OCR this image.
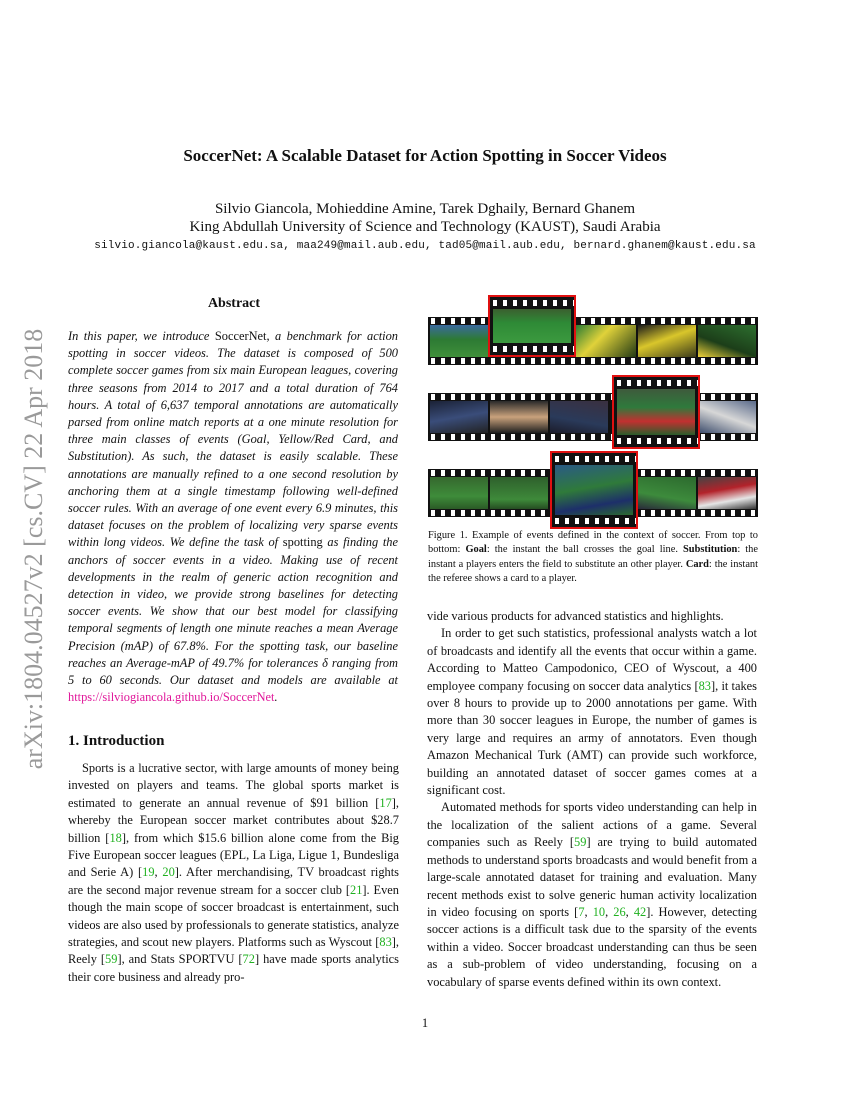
SoccerNet: A Scalable Dataset for Action Spotting in Soccer Videos
Silvio Giancola, Mohieddine Amine, Tarek Dghaily, Bernard Ghanem
King Abdullah University of Science and Technology (KAUST), Saudi Arabia
silvio.giancola@kaust.edu.sa, maa249@mail.aub.edu, tad05@mail.aub.edu, bernard.ghanem@kaust.edu.sa
arXiv:1804.04527v2 [cs.CV] 22 Apr 2018
Abstract
In this paper, we introduce SoccerNet, a benchmark for action spotting in soccer videos. The dataset is composed of 500 complete soccer games from six main European leagues, covering three seasons from 2014 to 2017 and a total duration of 764 hours. A total of 6,637 temporal annotations are automatically parsed from online match reports at a one minute resolution for three main classes of events (Goal, Yellow/Red Card, and Substitution). As such, the dataset is easily scalable. These annotations are manually refined to a one second resolution by anchoring them at a single timestamp following well-defined soccer rules. With an average of one event every 6.9 minutes, this dataset focuses on the problem of localizing very sparse events within long videos. We define the task of spotting as finding the anchors of soccer events in a video. Making use of recent developments in the realm of generic action recognition and detection in video, we provide strong baselines for detecting soccer events. We show that our best model for classifying temporal segments of length one minute reaches a mean Average Precision (mAP) of 67.8%. For the spotting task, our baseline reaches an Average-mAP of 49.7% for tolerances δ ranging from 5 to 60 seconds. Our dataset and models are available at https://silviogiancola.github.io/SoccerNet.
1. Introduction

Sports is a lucrative sector, with large amounts of money being invested on players and teams. The global sports market is estimated to generate an annual revenue of $91 billion [17], whereby the European soccer market contributes about $28.7 billion [18], from which $15.6 billion alone come from the Big Five European soccer leagues (EPL, La Liga, Ligue 1, Bundesliga and Serie A) [19, 20]. After merchandising, TV broadcast rights are the second major revenue stream for a soccer club [21]. Even though the main scope of soccer broadcast is entertainment, such videos are also used by professionals to generate statistics, analyze strategies, and scout new players. Platforms such as Wyscout [83], Reely [59], and Stats SPORTVU [72] have made sports analytics their core business and already pro-

Figure 1. Example of events defined in the context of soccer. From top to bottom: Goal: the instant the ball crosses the goal line. Substitution: the instant a players enters the field to substitute an other player. Card: the instant the referee shows a card to a player.

vide various products for advanced statistics and highlights.

In order to get such statistics, professional analysts watch a lot of broadcasts and identify all the events that occur within a game. According to Matteo Campodonico, CEO of Wyscout, a 400 employee company focusing on soccer data analytics [83], it takes over 8 hours to provide up to 2000 annotations per game. With more than 30 soccer leagues in Europe, the number of games is very large and requires an army of annotators. Even though Amazon Mechanical Turk (AMT) can provide such workforce, building an annotated dataset of soccer games comes at a significant cost.

Automated methods for sports video understanding can help in the localization of the salient actions of a game. Several companies such as Reely [59] are trying to build automated methods to understand sports broadcasts and would benefit from a large-scale annotated dataset for training and evaluation. Many recent methods exist to solve generic human activity localization in video focusing on sports [7, 10, 26, 42]. However, detecting soccer actions is a difficult task due to the sparsity of the events within a video. Soccer broadcast understanding can thus be seen as a sub-problem of video understanding, focusing on a vocabulary of sparse events defined within its own context.

1
